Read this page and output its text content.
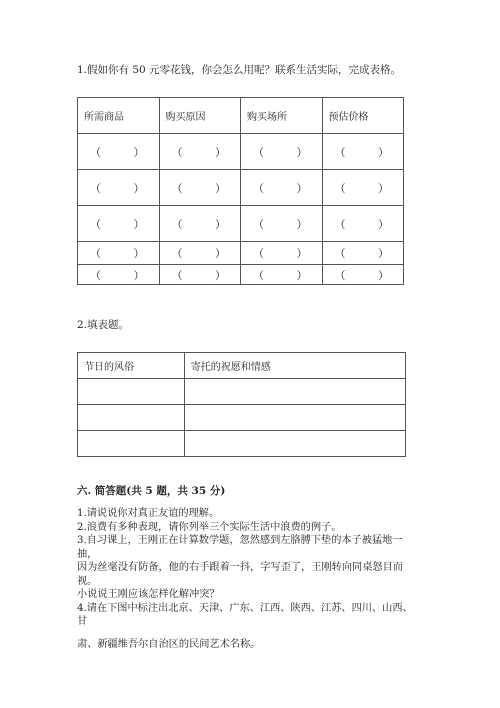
1.假如你有 50 元零花钱，你会怎么用呢？联系生活实际，完成表格。
所需商品	购买原因	购买场所	预估价格

（ ）	（ ）	（ ）	（ ）

（ ）	（ ）	（ ）	（ ）

（ ）	（ ）	（ ）	（ ）

（ ）	（ ）	（ ）	（ ）

（ ）	（ ）	（ ）	（ ）
2.填表题。
节日的风俗	寄托的祝愿和情感

六. 简答题(共 5 题，共 35 分)

1.请说说你对真正友谊的理解。

2.浪费有多种表现，请你列举三个实际生活中浪费的例子。

3.自习课上，王刚正在计算数学题，忽然感到左胳膊下垫的本子被猛地一抽，

因为丝毫没有防备，他的右手跟着一抖，字写歪了，王刚转向同桌怒目而视。

小说说王刚应该怎样化解冲突？

4.请在下图中标注出北京、天津、广东、江西、陕西、江苏、四川、山西、甘

肃、新疆维吾尔自治区的民间艺术名称。
